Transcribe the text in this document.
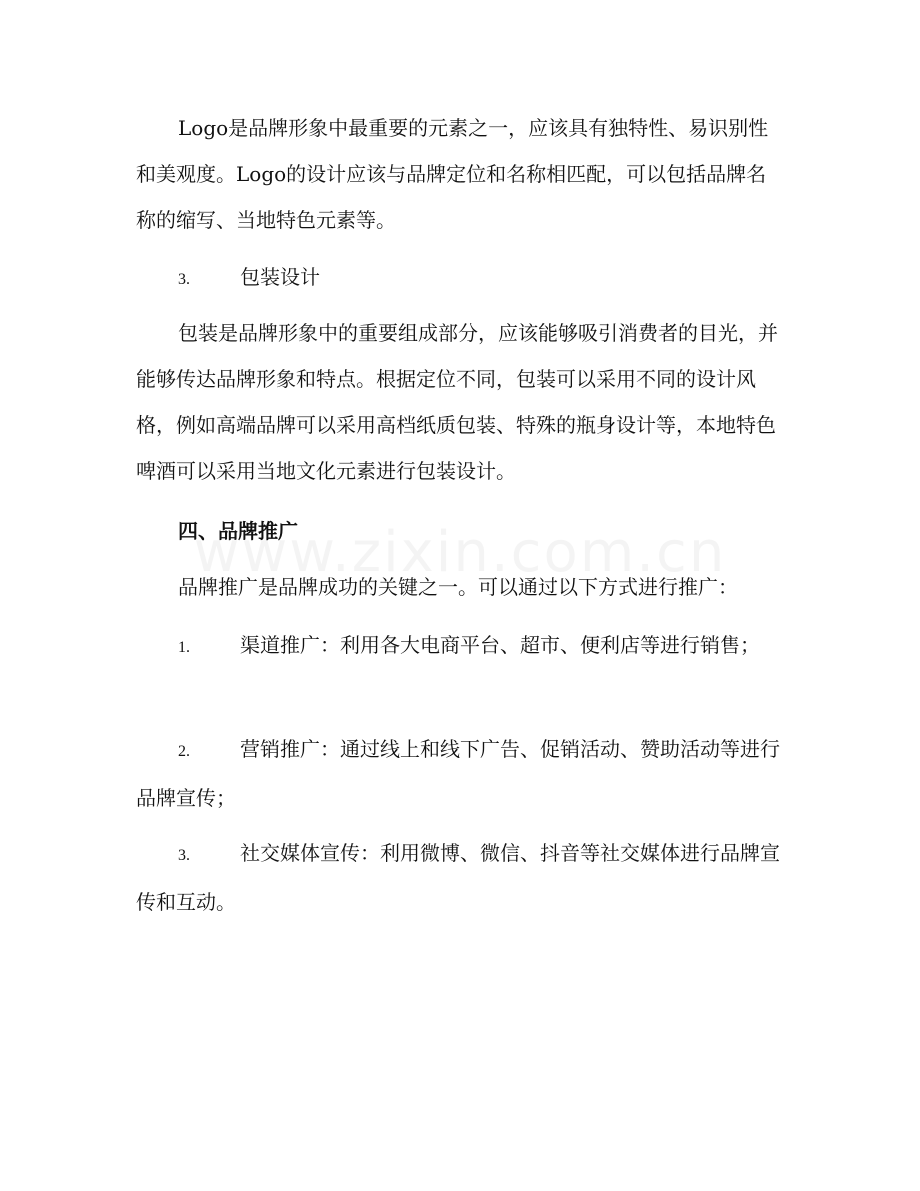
Logo是品牌形象中最重要的元素之一，应该具有独特性、易识别性和美观度。Logo的设计应该与品牌定位和名称相匹配，可以包括品牌名称的缩写、当地特色元素等。

3.	包装设计

包装是品牌形象中的重要组成部分，应该能够吸引消费者的目光，并能够传达品牌形象和特点。根据定位不同，包装可以采用不同的设计风格，例如高端品牌可以采用高档纸质包装、特殊的瓶身设计等，本地特色啤酒可以采用当地文化元素进行包装设计。

四、品牌推广

品牌推广是品牌成功的关键之一。可以通过以下方式进行推广：

1.	渠道推广：利用各大电商平台、超市、便利店等进行销售；

2.	营销推广：通过线上和线下广告、促销活动、赞助活动等进行品牌宣传；

3.	社交媒体宣传：利用微博、微信、抖音等社交媒体进行品牌宣传和互动。
